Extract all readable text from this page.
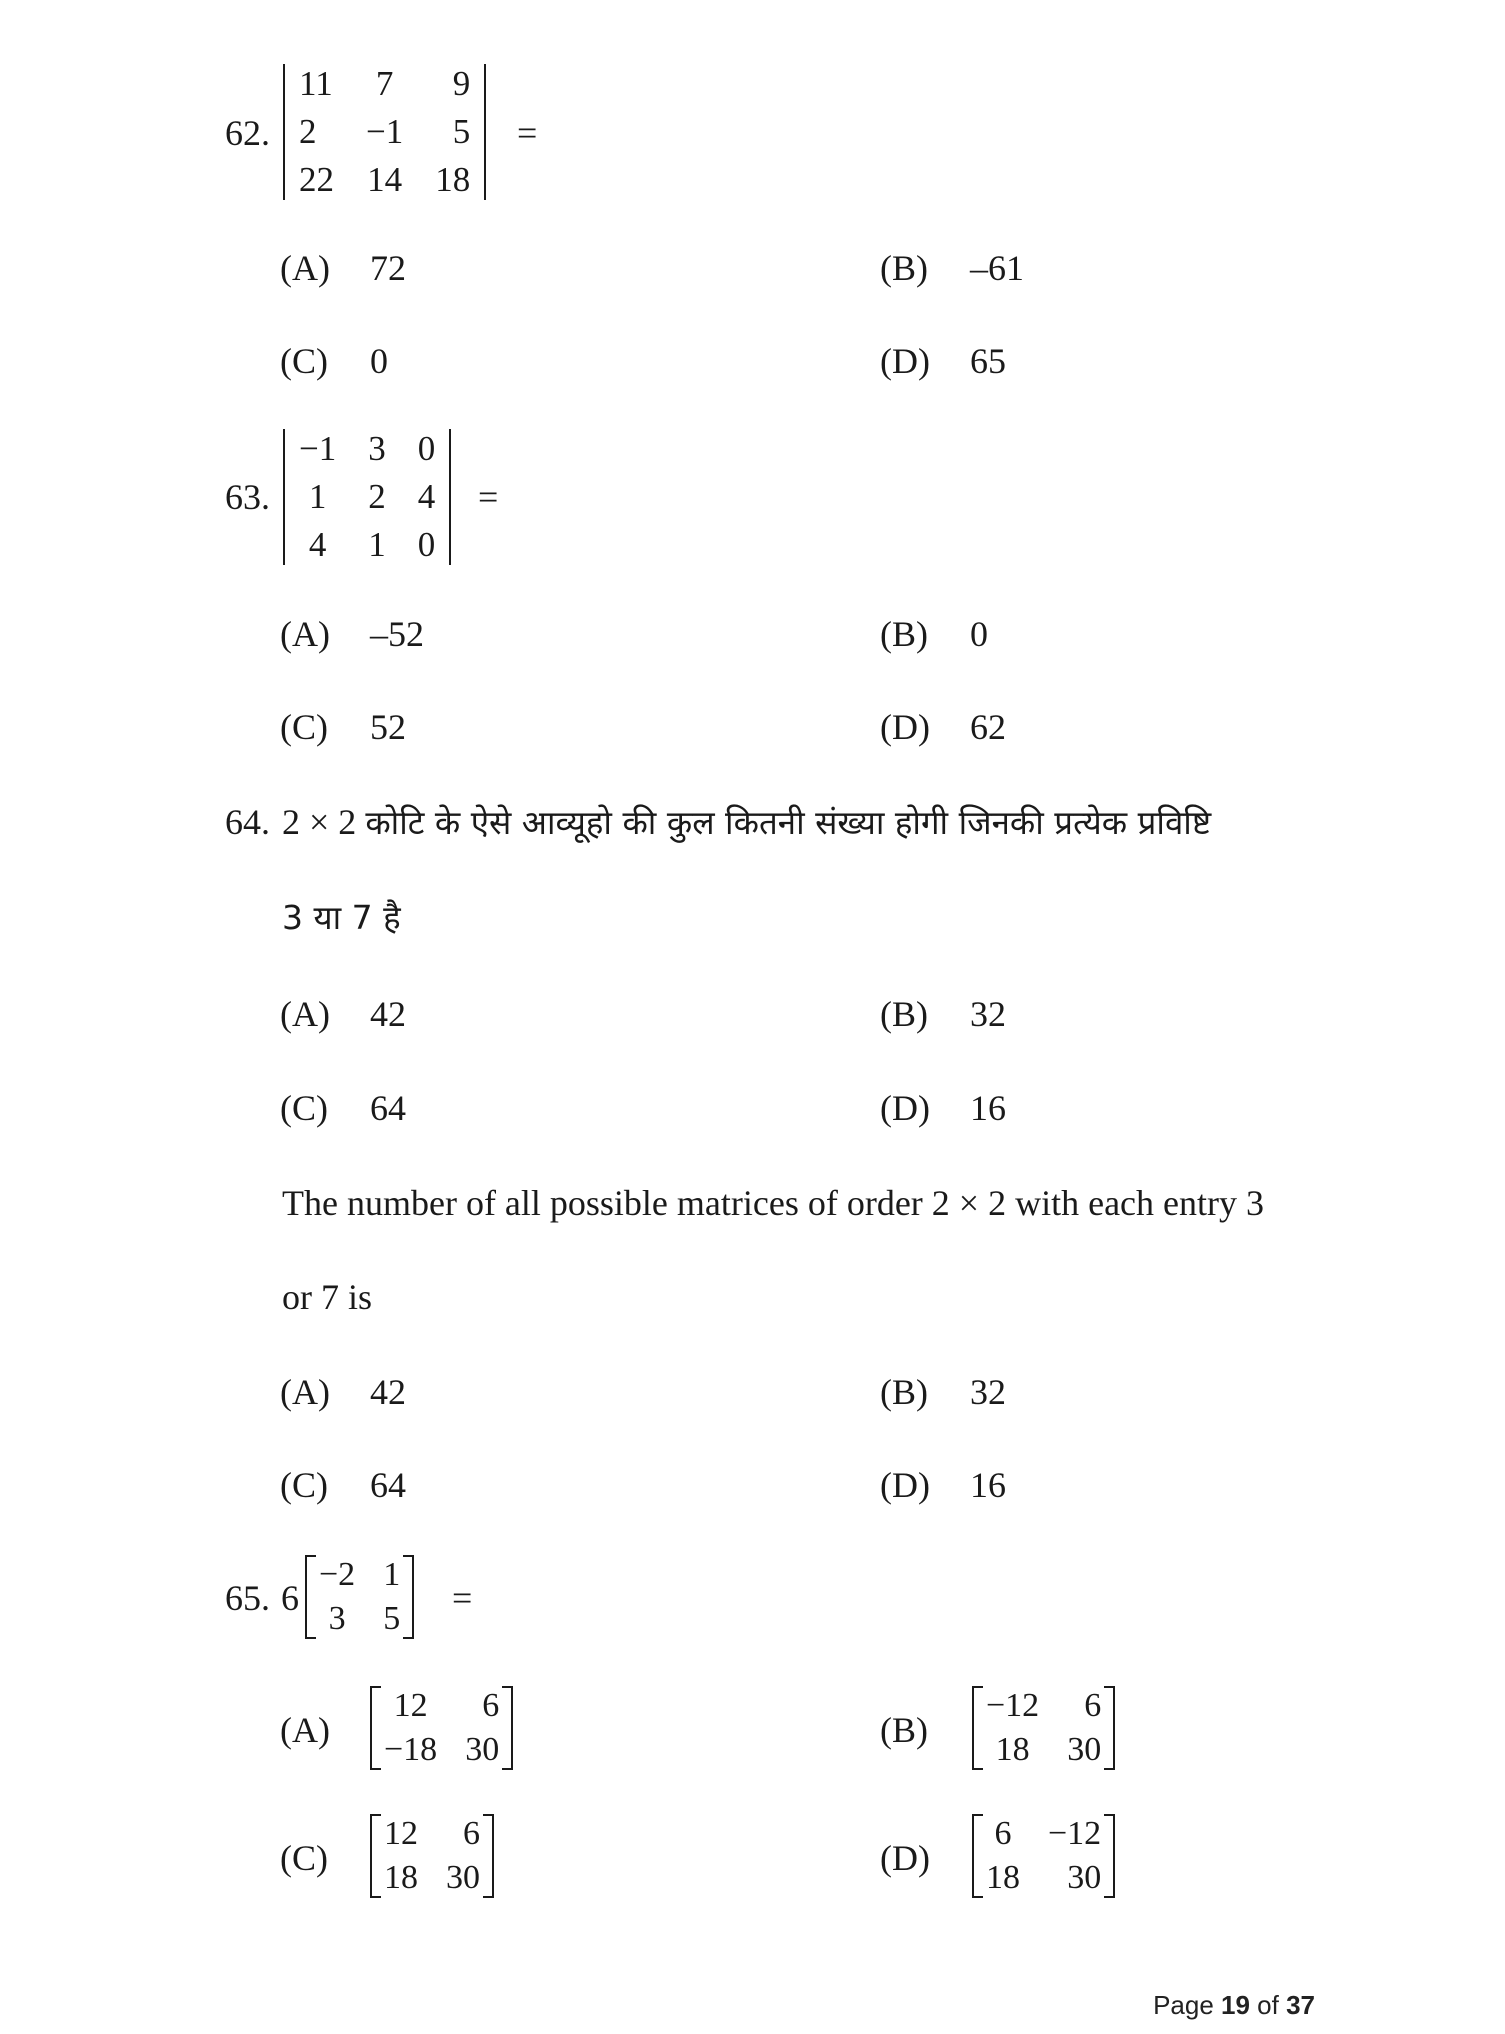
62.
11	7	9
2	−1	5
22	14	18
=
(A) 72	(B) –61
(C) 0	(D) 65
63.
−1	3	0
1	2	4
4	1	0
=
(A) –52	(B) 0
(C) 52	(D) 62
64. 2 × 2 कोटि के ऐसे आव्यूहो की कुल कितनी संख्या होगी जिनकी प्रत्येक प्रविष्टि
3 या 7 है
(A) 42	(B) 32
(C) 64	(D) 16
The number of all possible matrices of order 2 × 2 with each entry 3
or 7 is
(A) 42	(B) 32
(C) 64	(D) 16
65. 6
−2	1
3	5
=
(A)
12	6
−18	30	(B)
−12	6
18	30
(C)
12	6
18	30	(D)
6	−12
18	30
Page 19 of 37
